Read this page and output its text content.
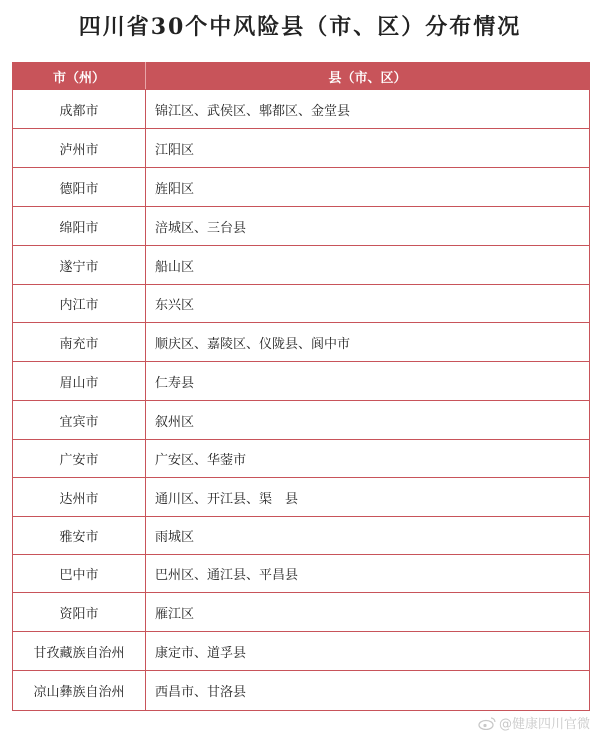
四川省30个中风险县（市、区）分布情况
市（州）	县（市、区）
成都市	锦江区、武侯区、郫都区、金堂县
泸州市	江阳区
德阳市	旌阳区
绵阳市	涪城区、三台县
遂宁市	船山区
内江市	东兴区
南充市	顺庆区、嘉陵区、仪陇县、阆中市
眉山市	仁寿县
宜宾市	叙州区
广安市	广安区、华蓥市
达州市	通川区、开江县、渠　县
雅安市	雨城区
巴中市	巴州区、通江县、平昌县
资阳市	雁江区
甘孜藏族自治州	康定市、道孚县
凉山彝族自治州	西昌市、甘洛县
@健康四川官微
